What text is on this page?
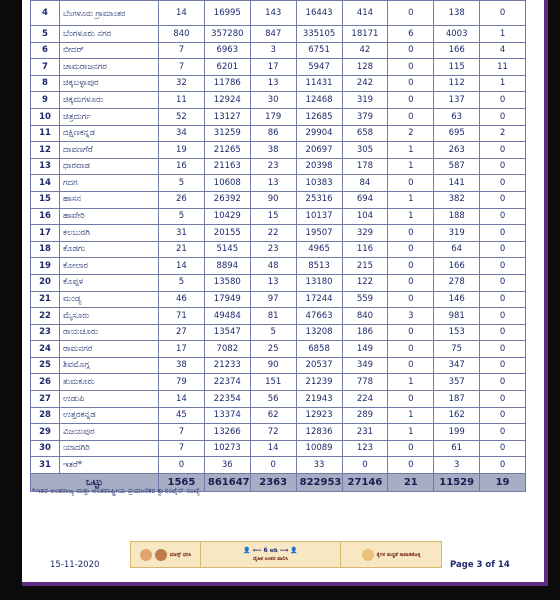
4	ಬೆಂಗಳೂರು ಗ್ರಾಮಾಂತರ	14	16995	143	16443	414	0	138	0
5	ಬೆಂಗಳೂರು ನಗರ	840	357280	847	335105	18171	6	4003	1
6	ಬೀದರ್	7	6963	3	6751	42	0	166	4
7	ಚಾಮರಾಜನಗರ	7	6201	17	5947	128	0	115	11
8	ಚಿಕ್ಕಬಳ್ಳಾಪುರ	32	11786	13	11431	242	0	112	1
9	ಚಿಕ್ಕಮಗಳೂರು	11	12924	30	12468	319	0	137	0
10	ಚಿತ್ರದುರ್ಗ	52	13127	179	12685	379	0	63	0
11	ದಕ್ಷಿಣಕನ್ನಡ	34	31259	86	29904	658	2	695	2
12	ದಾವಣಗೆರೆ	19	21265	38	20697	305	1	263	0
13	ಧಾರವಾಡ	16	21163	23	20398	178	1	587	0
14	ಗದಗ	5	10608	13	10383	84	0	141	0
15	ಹಾಸನ	26	26392	90	25316	694	1	382	0
16	ಹಾವೇರಿ	5	10429	15	10137	104	1	188	0
17	ಕಲಬುರಗಿ	31	20155	22	19507	329	0	319	0
18	ಕೊಡಗು	21	5145	23	4965	116	0	64	0
19	ಕೋಲಾರ	14	8894	48	8513	215	0	166	0
20	ಕೊಪ್ಪಳ	5	13580	13	13180	122	0	278	0
21	ಮಂಡ್ಯ	46	17949	97	17244	559	0	146	0
22	ಮೈಸೂರು	71	49484	81	47663	840	3	981	0
23	ರಾಯಚೂರು	27	13547	5	13208	186	0	153	0
24	ರಾಮನಗರ	17	7082	25	6858	149	0	75	0
25	ಶಿವಮೊಗ್ಗ	38	21233	90	20537	349	0	347	0
26	ತುಮಕೂರು	79	22374	151	21239	778	1	357	0
27	ಉಡುಪಿ	14	22354	56	21943	224	0	187	0
28	ಉತ್ತರಕನ್ನಡ	45	13374	62	12923	289	1	162	0
29	ವಿಜಯಪುರ	7	13266	72	12836	231	1	199	0
30	ಯಾದಗಿರಿ	7	10273	14	10089	123	0	61	0
31	ಇತರೆ*	0	36	0	33	0	0	3	0
ಒಟ್ಟು		1565	861647	2363	822953	27146	21	11529	19
*ಇತರ ಅಂತರಾಜ್ಯ ಮತ್ತು ಅಂತರಾಷ್ಟ್ರೀಯ ಪ್ರಯಾಣಿಕರ ಕ್ವಾರಂಟೈನ್ ಸಂಖ್ಯೆ
ಮಾಸ್ಕ್ ಧರಿಸಿ
👤 ⟵ 6 ಅಡಿ ⟶ 👤
ದೈಹಿಕ ಅಂತರ ಪಾಲಿಸಿ
ಕೈಗಳ ಶುದ್ಧತೆ ಕಾಪಾಡಿಕೊಳ್ಳಿ
15-11-2020	Page 3 of 14
